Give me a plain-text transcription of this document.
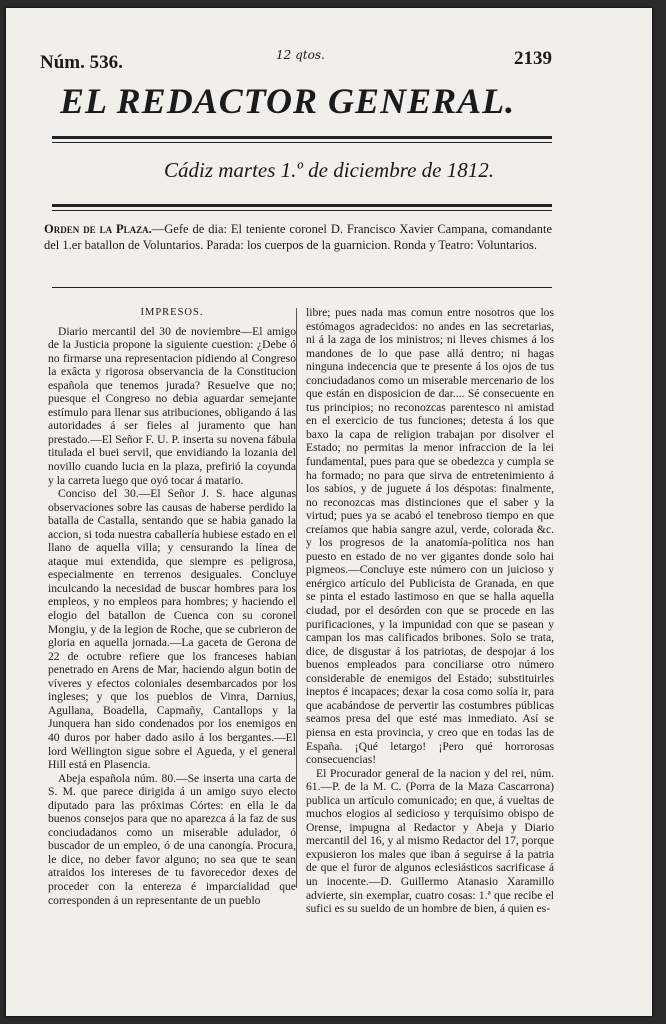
Núm. 536.	12 qtos.	2139
EL REDACTOR GENERAL.
Cádiz martes 1.º de diciembre de 1812.
Orden de la Plaza.—Gefe de dia: El teniente coronel D. Francisco Xavier Campana, comandante del 1.er batallon de Voluntarios. Parada: los cuerpos de la guarnicion. Ronda y Teatro: Voluntarios.

IMPRESOS.

Diario mercantil del 30 de noviembre—El amigo de la Justicia propone la siguiente cuestion: ¿Debe ó no firmarse una representacion pidiendo al Congreso la exâcta y rigorosa observancia de la Constitucion española que tenemos jurada? Resuelve que no; puesque el Congreso no debia aguardar semejante estímulo para llenar sus atribuciones, obligando á las autoridades á ser fieles al juramento que han prestado.—El Señor F. U. P. inserta su novena fábula titulada el buei servil, que envidiando la lozania del novillo cuando lucia en la plaza, prefirió la coyunda y la carreta luego que oyó tocar á matario.

Conciso del 30.—El Señor J. S. hace algunas observaciones sobre las causas de haberse perdido la batalla de Castalla, sentando que se habia ganado la accion, si toda nuestra caballería hubiese estado en el llano de aquella villa; y censurando la línea de ataque mui extendida, que siempre es peligrosa, especialmente en terrenos desiguales. Concluye inculcando la necesidad de buscar hombres para los empleos, y no empleos para hombres; y haciendo el elogio del batallon de Cuenca con su coronel Mongiu, y de la legion de Roche, que se cubrieron de gloria en aquella jornada.—La gaceta de Gerona de 22 de octubre refiere que los franceses habian penetrado en Arens de Mar, haciendo algun botin de víveres y efectos coloniales desembarcados por los ingleses; y que los pueblos de Vinra, Darnius, Agullana, Boadella, Capmañy, Cantallops y la Junquera han sido condenados por los enemigos en 40 duros por haber dado asilo á los bergantes.—El lord Wellington sigue sobre el Agueda, y el general Hill está en Plasencia.

Abeja española núm. 80.—Se inserta una carta de S. M. que parece dirigida á un amigo suyo electo diputado para las próximas Córtes: en ella le da buenos consejos para que no aparezca á la faz de sus conciudadanos como un miserable adulador, ó buscador de un empleo, ó de una canongía. Procura, le dice, no deber favor alguno; no sea que te sean atraidos los intereses de tu favorecedor dexes de proceder con la entereza é imparcialidad que corresponden á un representante de un pueblo

libre; pues nada mas comun entre nosotros que los estómagos agradecidos: no andes en las secretarias, ni á la zaga de los ministros; ni lleves chismes á los mandones de lo que pase allá dentro; ni hagas ninguna indecencia que te presente á los ojos de tus conciudadanos como un miserable mercenario de los que están en disposicion de dar.... Sé consecuente en tus principios; no reconozcas parentesco ni amistad en el exercicio de tus funciones; detesta á los que baxo la capa de religion trabajan por disolver el Estado; no permitas la menor infraccion de la lei fundamental, pues para que se obedezca y cumpla se ha formado; no para que sirva de entretenimiento á los sabios, y de juguete á los déspotas: finalmente, no reconozcas mas distinciones que el saber y la virtud; pues ya se acabó el tenebroso tiempo en que creíamos que habia sangre azul, verde, colorada &c. y los progresos de la anatomía-política nos han puesto en estado de no ver gigantes donde solo hai pigmeos.—Concluye este número con un juicioso y enérgico artículo del Publicista de Granada, en que se pinta el estado lastimoso en que se halla aquella ciudad, por el desórden con que se procede en las purificaciones, y la impunidad con que se pasean y campan los mas calificados bribones. Solo se trata, dice, de disgustar á los patriotas, de despojar á los buenos empleados para conciliarse otro número considerable de enemigos del Estado; substituirles ineptos é incapaces; dexar la cosa como solía ir, para que acabándose de pervertir las costumbres públicas seamos presa del que esté mas inmediato. Así se piensa en esta provincia, y creo que en todas las de España. ¡Qué letargo! ¡Pero qué horrorosas consecuencias!

El Procurador general de la nacion y del rei, núm. 61.—P. de la M. C. (Porra de la Maza Cascarrona) publica un artículo comunicado; en que, á vueltas de muchos elogios al sedicioso y terquísimo obispo de Orense, impugna al Redactor y Abeja y Diario mercantil del 16, y al mismo Redactor del 17, porque expusieron los males que iban á seguirse á la patria de que el furor de algunos eclesiásticos sacrificase á un inocente.—D. Guillermo Atanasio Xaramillo advierte, sin exemplar, cuatro cosas: 1.ª que recibe el sufici es su sueldo de un hombre de bien, á quien es-
